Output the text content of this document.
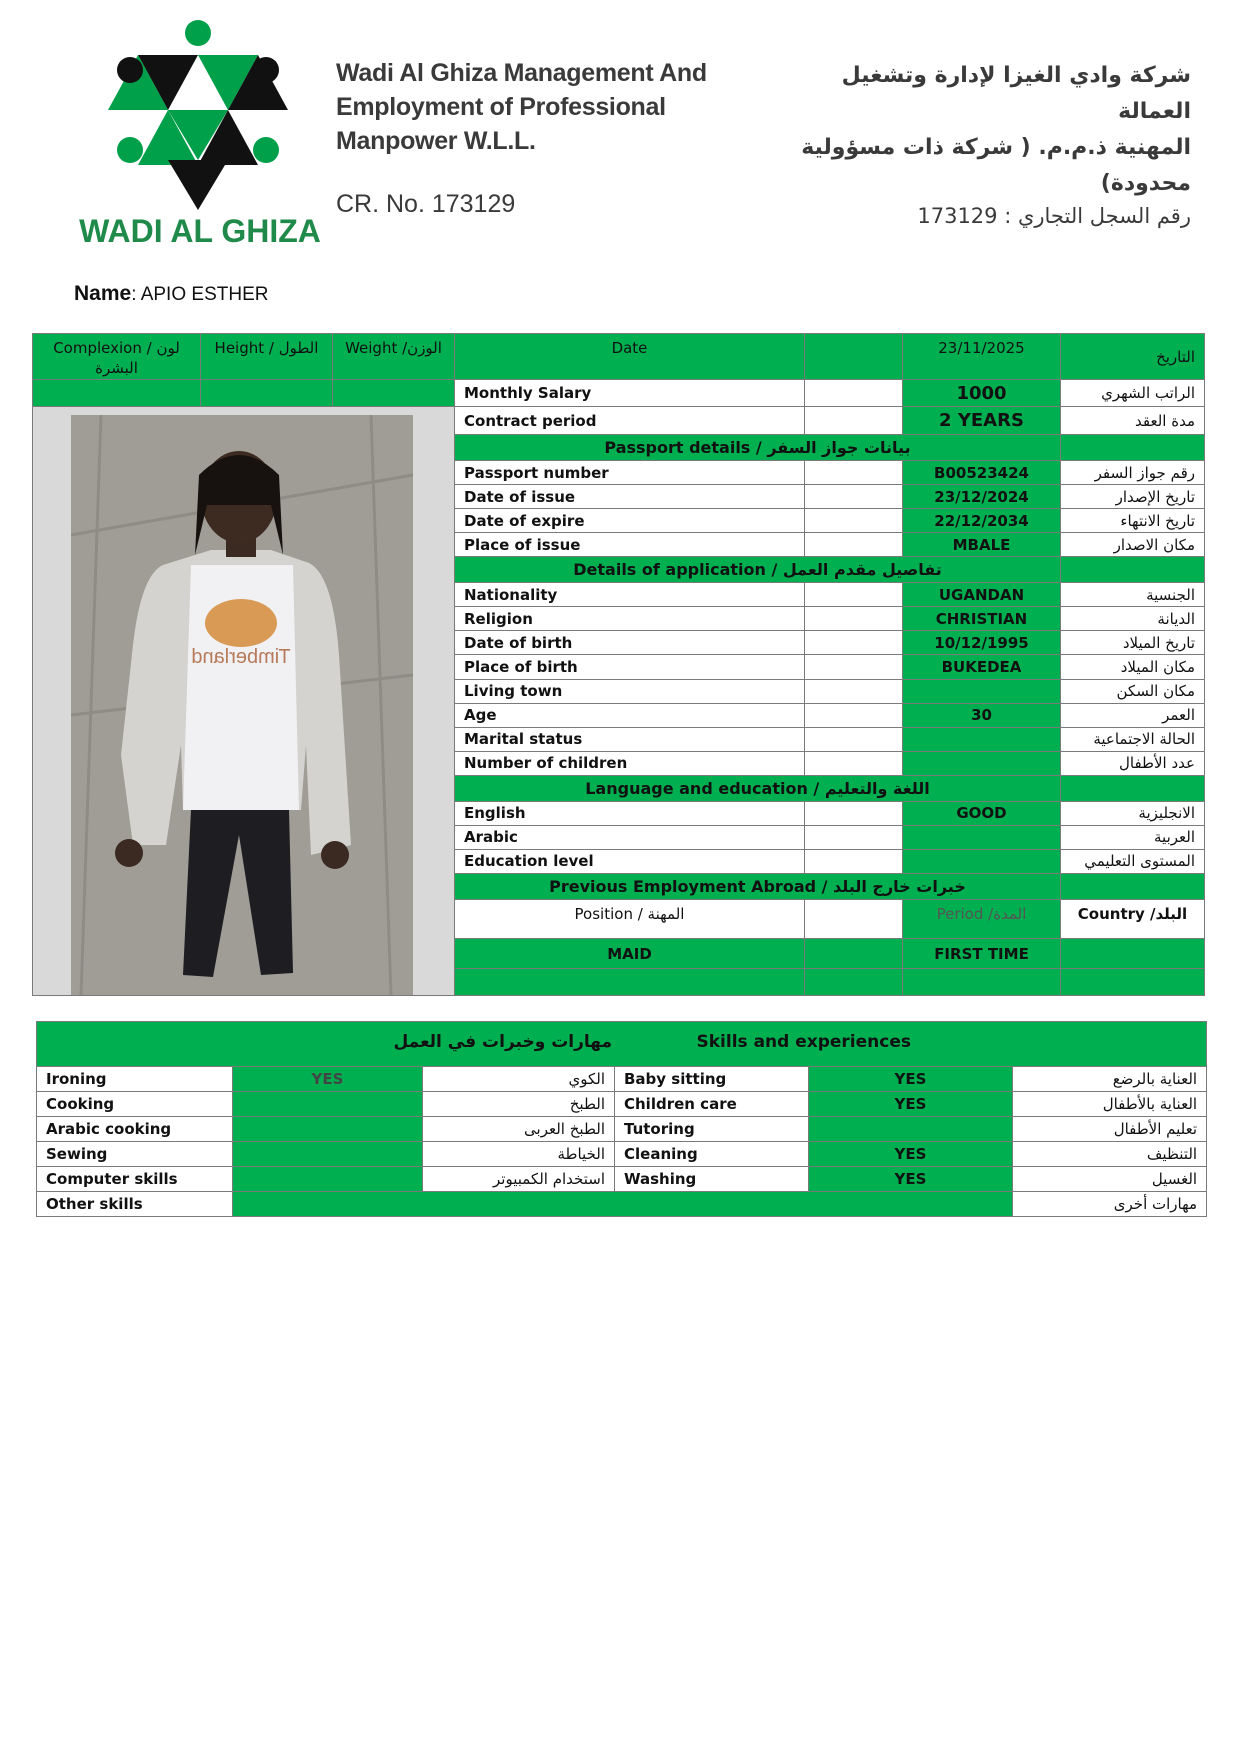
WADI AL GHIZA
Wadi Al Ghiza Management And
Employment of Professional
Manpower W.L.L.
CR. No. 173129
شركة وادي الغيزا لإدارة وتشغيل العمالة
المهنية ذ.م.م. ( شركة ذات مسؤولية
محدودة)
رقم السجل التجاري : 173129
Name: APIO ESTHER
Complexion / لون البشرة	Height / الطول	Weight /الوزن	Date		23/11/2025	التاريخ

			Monthly Salary		1000	الراتب الشهري

Timberland			Contract period		2 YEARS	مدة العقد

			Passport details / بيانات جواز السفر			
			Passport number		B00523424	رقم جواز السفر

			Date of issue		23/12/2024	تاريخ الإصدار

			Date of expire		22/12/2034	تاريخ الانتهاء

			Place of issue		MBALE	مكان الاصدار

			Details of application / تفاصيل مقدم العمل			
			Nationality		UGANDAN	الجنسية

			Religion		CHRISTIAN	الديانة

			Date of birth		10/12/1995	تاريخ الميلاد

			Place of birth		BUKEDEA	مكان الميلاد

			Living town			مكان السكن

			Age		30	العمر

			Marital status			الحالة الاجتماعية

			Number of children			عدد الأطفال

			Language and education / اللغة والتعليم			
			English		GOOD	الانجليزية

			Arabic			العربية

			Education level			المستوى التعليمي

			Previous Employment Abroad / خبرات خارج البلد			
			Position / المهنة		Period /المدة	Country /البلد
			MAID		FIRST TIME	

مهارات وخبرات في العمل Skills and experiences					

Ironing	YES	الكوي	Baby sitting	YES	العناية بالرضع
Cooking		الطبخ	Children care	YES	العناية بالأطفال
Arabic cooking		الطبخ العربى	Tutoring		تعليم الأطفال
Sewing		الخياطة	Cleaning	YES	التنظيف
Computer skills		استخدام الكمبيوتر	Washing	YES	الغسيل
Other skills					مهارات أخرى
